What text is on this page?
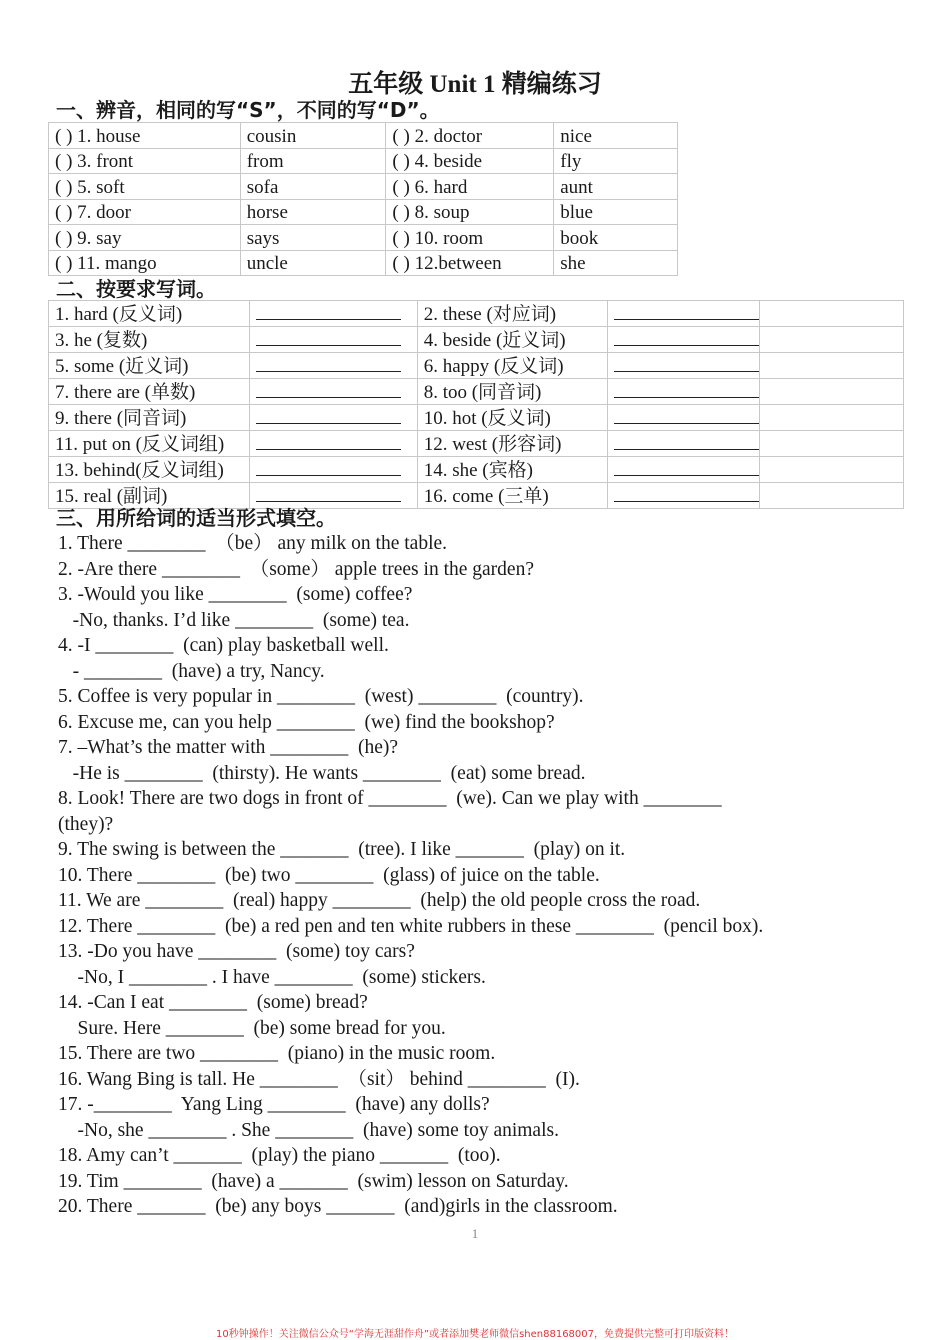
五年级 Unit 1 精编练习
一、辨音，相同的写“S”，不同的写“D”。
( ) 1. house	cousin	( ) 2. doctor	nice
( ) 3. front	from	( ) 4. beside	fly
( ) 5. soft	sofa	( ) 6. hard	aunt
( ) 7. door	horse	( ) 8. soup	blue
( ) 9. say	says	( ) 10. room	book
( ) 11. mango	uncle	( ) 12.between	she
二、按要求写词。
1. hard (反义词)		2. these (对应词)		
3. he (复数)		4. beside (近义词)		
5. some (近义词)		6. happy (反义词)		
7. there are (单数)		8. too (同音词)		
9. there (同音词)		10. hot (反义词)		
11. put on (反义词组)		12. west (形容词)		
13. behind(反义词组)		14. she (宾格)		
15. real (副词)		16. come (三单)		
三、用所给词的适当形式填空。
1. There ________  （be） any milk on the table.
2. -Are there ________  （some） apple trees in the garden?
3. -Would you like ________  (some) coffee?
-No, thanks. I’d like ________  (some) tea.
4. -I ________  (can) play basketball well.
- ________  (have) a try, Nancy.
5. Coffee is very popular in ________  (west) ________  (country).
6. Excuse me, can you help ________  (we) find the bookshop?
7. –What’s the matter with ________  (he)?
-He is ________  (thirsty). He wants ________  (eat) some bread.
8. Look! There are two dogs in front of ________  (we). Can we play with ________
(they)?
9. The swing is between the _______  (tree). I like _______  (play) on it.
10. There ________  (be) two ________  (glass) of juice on the table.
11. We are ________  (real) happy ________  (help) the old people cross the road.
12. There ________  (be) a red pen and ten white rubbers in these ________  (pencil box).
13. -Do you have ________  (some) toy cars?
-No, I ________ . I have ________  (some) stickers.
14. -Can I eat ________  (some) bread?
Sure. Here ________  (be) some bread for you.
15. There are two ________  (piano) in the music room.
16. Wang Bing is tall. He ________  （sit） behind ________  (I).
17. -________  Yang Ling ________  (have) any dolls?
-No, she ________ . She ________  (have) some toy animals.
18. Amy can’t _______  (play) the piano _______  (too).
19. Tim ________  (have) a _______  (swim) lesson on Saturday.
20. There _______  (be) any boys _______  (and)girls in the classroom.
1
10秒钟操作！关注微信公众号“学海无涯甜作舟”或者添加樊老师微信shen88168007，免费提供完整可打印版资料！
